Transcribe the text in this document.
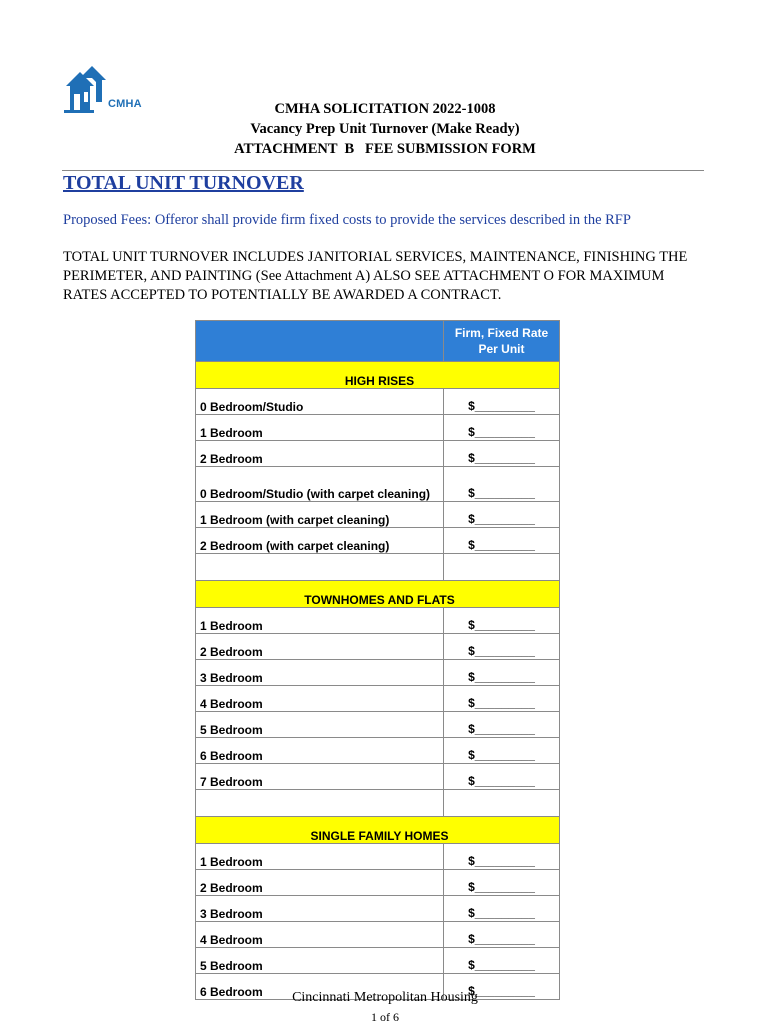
CMHA	CMHA SOLICITATION 2022-1008
Vacancy Prep Unit Turnover (Make Ready)
ATTACHMENT  B   FEE SUBMISSION FORM
TOTAL UNIT TURNOVER
Proposed Fees: Offeror shall provide firm fixed costs to provide the services described in the RFP
TOTAL UNIT TURNOVER INCLUDES JANITORIAL SERVICES, MAINTENANCE, FINISHING THE PERIMETER, AND PAINTING (See Attachment A) ALSO SEE ATTACHMENT O FOR MAXIMUM RATES ACCEPTED TO POTENTIALLY BE AWARDED A CONTRACT.
	Firm, Fixed Rate Per Unit
HIGH RISES	
0 Bedroom/Studio	$_________
1 Bedroom	$_________
2 Bedroom	$_________
0 Bedroom/Studio (with carpet cleaning)	$_________
1 Bedroom (with carpet cleaning)	$_________
2 Bedroom (with carpet cleaning)	$_________

TOWNHOMES AND FLATS	
1 Bedroom	$_________
2 Bedroom	$_________
3 Bedroom	$_________
4 Bedroom	$_________
5 Bedroom	$_________
6 Bedroom	$_________
7 Bedroom	$_________

SINGLE FAMILY HOMES	
1 Bedroom	$_________
2 Bedroom	$_________
3 Bedroom	$_________
4 Bedroom	$_________
5 Bedroom	$_________
6 Bedroom	$_________
Cincinnati Metropolitan Housing
1 of 6
